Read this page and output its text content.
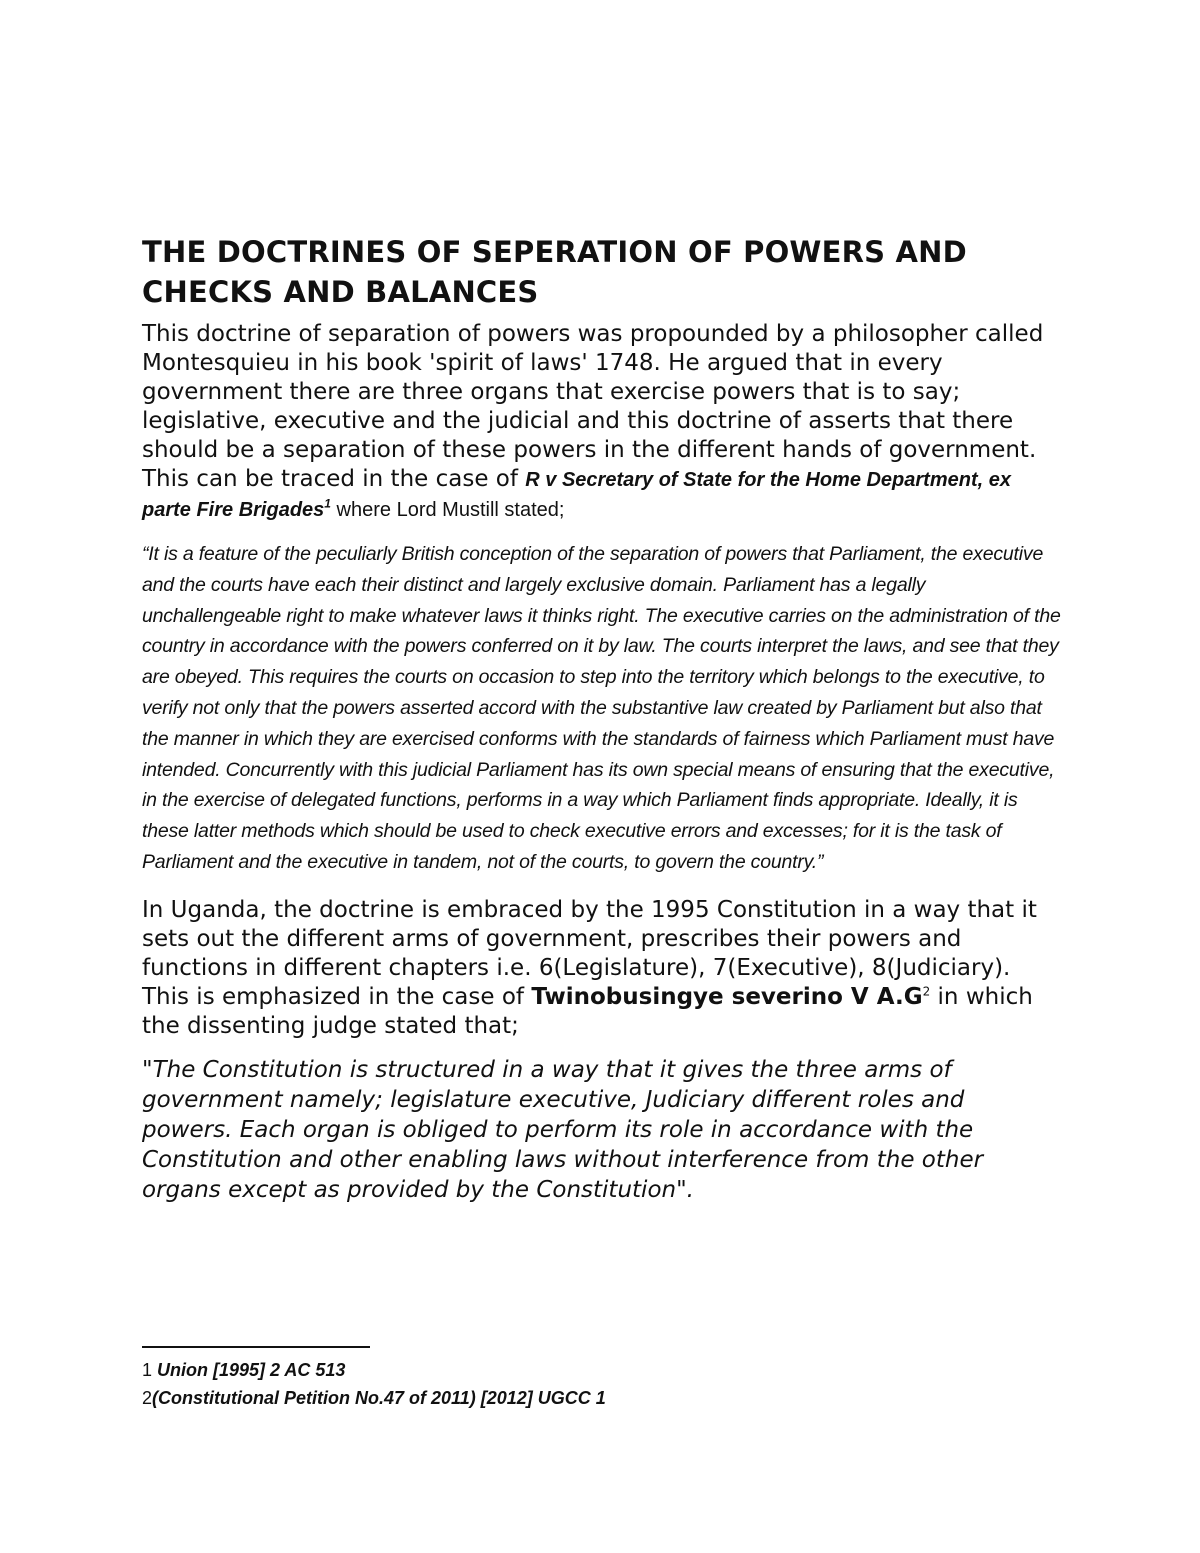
THE DOCTRINES OF SEPERATION OF POWERS AND CHECKS AND BALANCES

This doctrine of separation of powers was propounded by a philosopher called Montesquieu in his book 'spirit of laws' 1748. He argued that in every government there are three organs that exercise powers that is to say; legislative, executive and the judicial and this doctrine of asserts that there should be a separation of these powers in the different hands of government. This can be traced in the case of R v Secretary of State for the Home Department, ex parte Fire Brigades$^1$ where Lord Mustill stated;

“It is a feature of the peculiarly British conception of the separation of powers that Parliament, the executive and the courts have each their distinct and largely exclusive domain. Parliament has a legally unchallengeable right to make whatever laws it thinks right. The executive carries on the administration of the country in accordance with the powers conferred on it by law. The courts interpret the laws, and see that they are obeyed. This requires the courts on occasion to step into the territory which belongs to the executive, to verify not only that the powers asserted accord with the substantive law created by Parliament but also that the manner in which they are exercised conforms with the standards of fairness which Parliament must have intended. Concurrently with this judicial Parliament has its own special means of ensuring that the executive, in the exercise of delegated functions, performs in a way which Parliament finds appropriate. Ideally, it is these latter methods which should be used to check executive errors and excesses; for it is the task of Parliament and the executive in tandem, not of the courts, to govern the country.”

In Uganda, the doctrine is embraced by the 1995 Constitution in a way that it sets out the different arms of government, prescribes their powers and functions in different chapters i.e. 6(Legislature), 7(Executive), 8(Judiciary). This is emphasized in the case of Twinobusingye severino V A.G$^2$ in which the dissenting judge stated that;

"The Constitution is structured in a way that it gives the three arms of government namely; legislature executive, Judiciary different roles and powers. Each organ is obliged to perform its role in accordance with the Constitution and other enabling laws without interference from the other organs except as provided by the Constitution".

1 Union [1995] 2 AC 513

2(Constitutional Petition No.47 of 2011) [2012] UGCC 1
